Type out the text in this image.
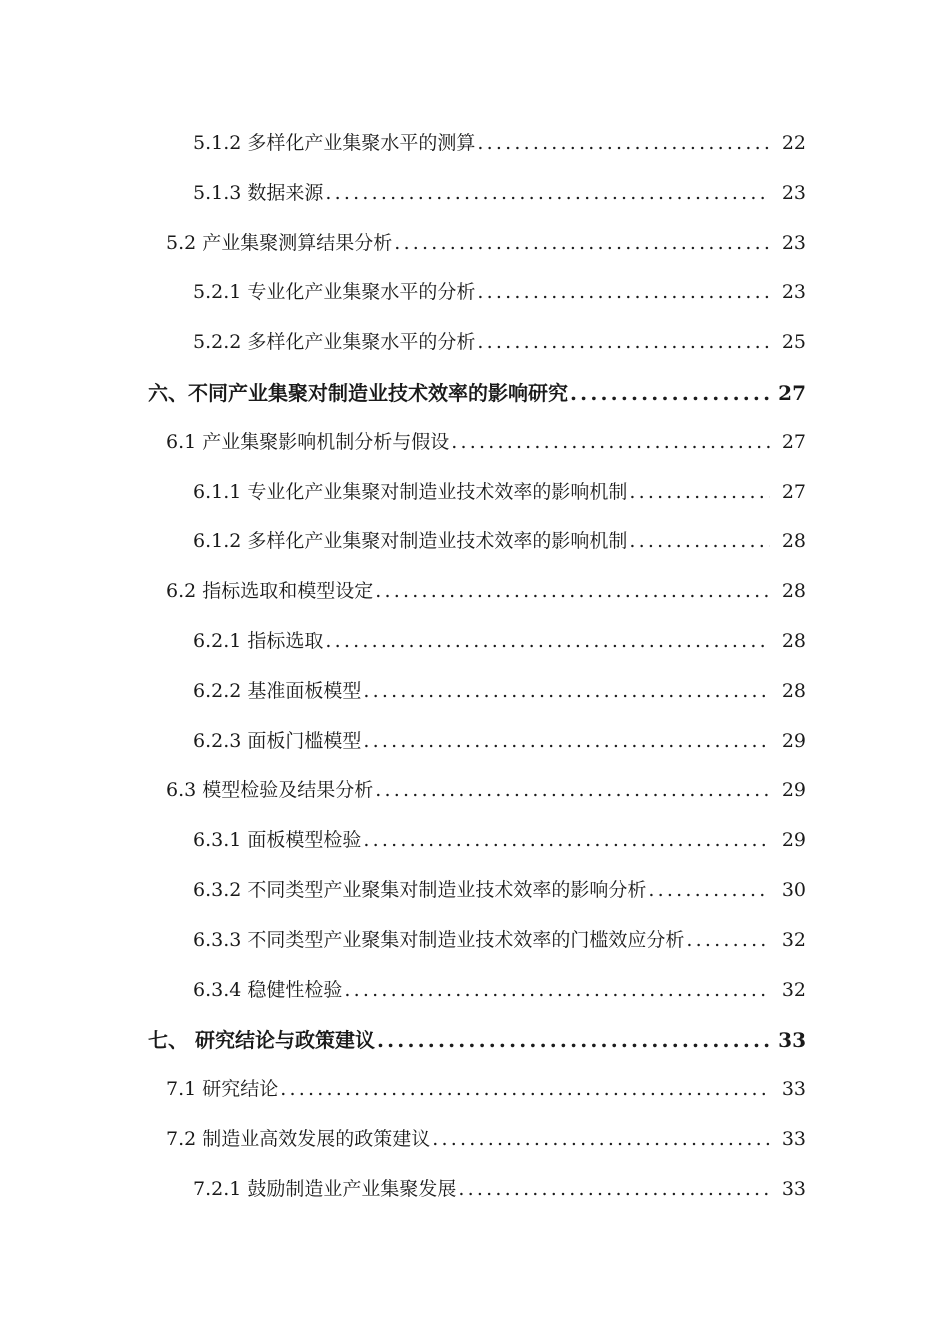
5.1.2 多样化产业集聚水平的测算 .....	22
5.1.3 数据来源 .....	23
5.2 产业集聚测算结果分析 .....	23
5.2.1 专业化产业集聚水平的分析 .....	23
5.2.2 多样化产业集聚水平的分析 .....	25
六、不同产业集聚对制造业技术效率的影响研究 .....	27
6.1 产业集聚影响机制分析与假设 .....	27
6.1.1 专业化产业集聚对制造业技术效率的影响机制 .....	27
6.1.2 多样化产业集聚对制造业技术效率的影响机制 .....	28
6.2 指标选取和模型设定 .....	28
6.2.1 指标选取 .....	28
6.2.2 基准面板模型 .....	28
6.2.3 面板门槛模型 .....	29
6.3 模型检验及结果分析 .....	29
6.3.1 面板模型检验 .....	29
6.3.2 不同类型产业聚集对制造业技术效率的影响分析 .....	30
6.3.3 不同类型产业聚集对制造业技术效率的门槛效应分析 .....	32
6.3.4 稳健性检验 .....	32
七、 研究结论与政策建议 .....	33
7.1 研究结论 .....	33
7.2 制造业高效发展的政策建议 .....	33
7.2.1 鼓励制造业产业集聚发展 .....	33
